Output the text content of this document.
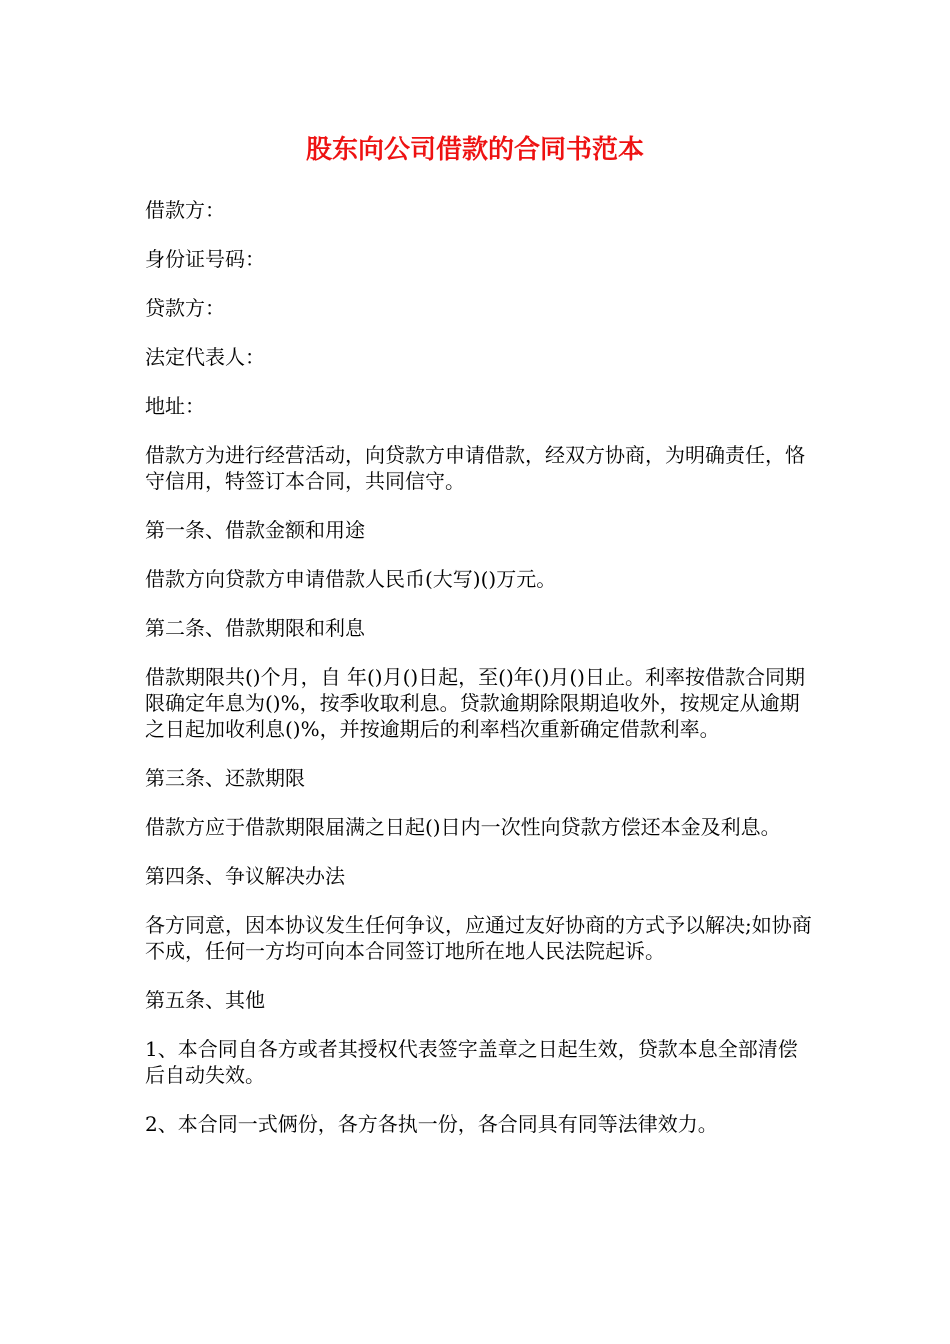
股东向公司借款的合同书范本

借款方：

身份证号码：

贷款方：

法定代表人：

地址：

借款方为进行经营活动，向贷款方申请借款，经双方协商，为明确责任，恪守信用，特签订本合同，共同信守。

第一条、借款金额和用途

借款方向贷款方申请借款人民币(大写)()万元。

第二条、借款期限和利息

借款期限共()个月，自 年()月()日起，至()年()月()日止。利率按借款合同期限确定年息为()%，按季收取利息。贷款逾期除限期追收外，按规定从逾期之日起加收利息()%，并按逾期后的利率档次重新确定借款利率。

第三条、还款期限

借款方应于借款期限届满之日起()日内一次性向贷款方偿还本金及利息。

第四条、争议解决办法

各方同意，因本协议发生任何争议，应通过友好协商的方式予以解决;如协商不成，任何一方均可向本合同签订地所在地人民法院起诉。

第五条、其他

1、本合同自各方或者其授权代表签字盖章之日起生效，贷款本息全部清偿后自动失效。

2、本合同一式俩份，各方各执一份，各合同具有同等法律效力。
